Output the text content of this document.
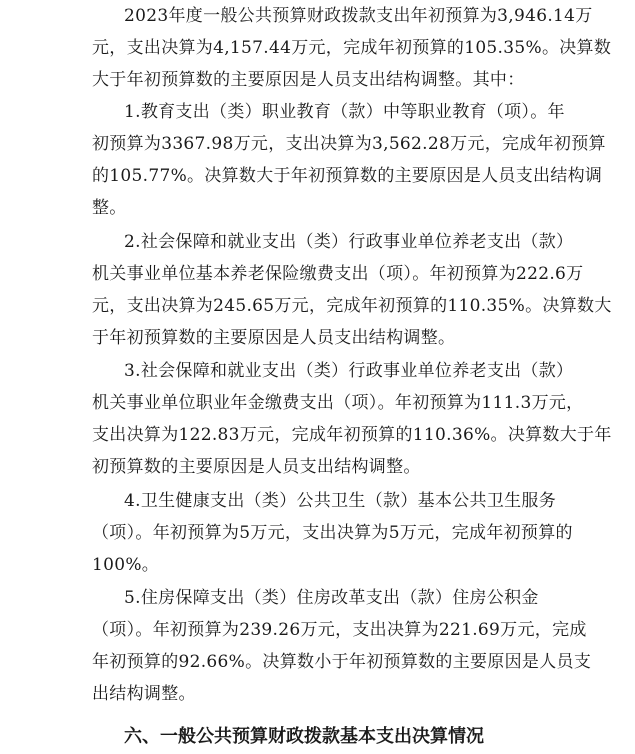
2023年度一般公共预算财政拨款支出年初预算为3,946.14万
元，支出决算为4,157.44万元，完成年初预算的105.35%。决算数
大于年初预算数的主要原因是人员支出结构调整。其中：
1.教育支出（类）职业教育（款）中等职业教育（项）。年
初预算为3367.98万元，支出决算为3,562.28万元，完成年初预算
的105.77%。决算数大于年初预算数的主要原因是人员支出结构调
整。
2.社会保障和就业支出（类）行政事业单位养老支出（款）
机关事业单位基本养老保险缴费支出（项）。年初预算为222.6万
元，支出决算为245.65万元，完成年初预算的110.35%。决算数大
于年初预算数的主要原因是人员支出结构调整。
3.社会保障和就业支出（类）行政事业单位养老支出（款）
机关事业单位职业年金缴费支出（项）。年初预算为111.3万元，
支出决算为122.83万元，完成年初预算的110.36%。决算数大于年
初预算数的主要原因是人员支出结构调整。
4.卫生健康支出（类）公共卫生（款）基本公共卫生服务
（项）。年初预算为5万元，支出决算为5万元，完成年初预算的
100%。
5.住房保障支出（类）住房改革支出（款）住房公积金
（项）。年初预算为239.26万元，支出决算为221.69万元，完成
年初预算的92.66%。决算数小于年初预算数的主要原因是人员支
出结构调整。
六、一般公共预算财政拨款基本支出决算情况
